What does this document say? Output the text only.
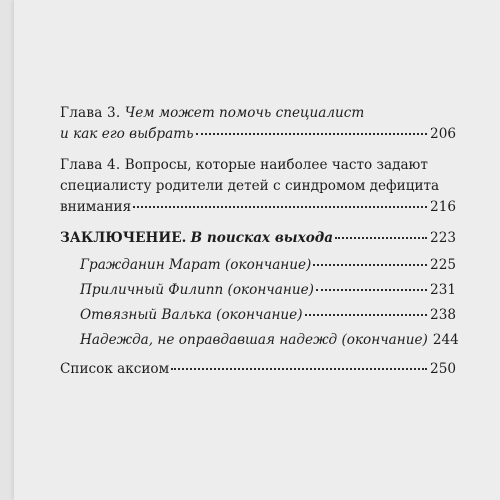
Глава 3. Чем может помочь специалист
и как его выбрать	206
Глава 4. Вопросы, которые наиболее часто задают
специалисту родители детей с синдромом дефицита
внимания	216
ЗАКЛЮЧЕНИЕ. В поисках выхода	223
Гражданин Марат (окончание)	225
Приличный Филипп (окончание)	231
Отвязный Валька (окончание)	238
Надежда, не оправдавшая надежд (окончание) 244
Список аксиом	250
